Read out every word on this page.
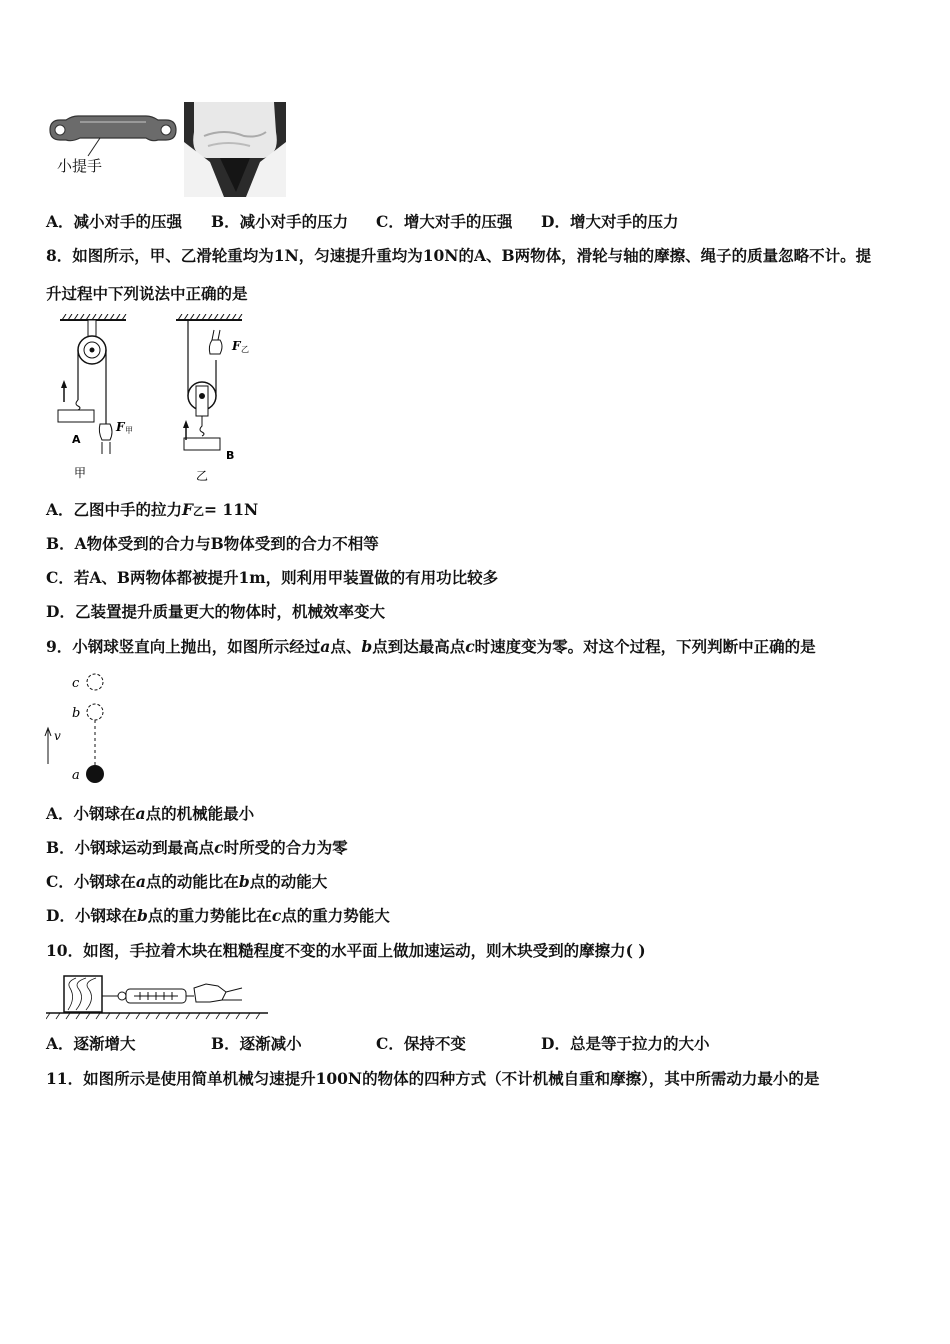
小提手
A．减小对手的压强 B．减小对手的压力 C．增大对手的压强 D．增大对手的压力
8．如图所示，甲、乙滑轮重均为1N，匀速提升重均为10N的A、B两物体，滑轮与轴的摩擦、绳子的质量忽略不计。提
升过程中下列说法中正确的是
A
甲
F 甲
B
乙
F 乙
A．乙图中手的拉力F乙= 11N
B．A物体受到的合力与B物体受到的合力不相等
C．若A、B两物体都被提升1m，则利用甲装置做的有用功比较多
D．乙装置提升质量更大的物体时，机械效率变大
9．小钢球竖直向上抛出，如图所示经过a点、b点到达最高点c时速度变为零。对这个过程，下列判断中正确的是
c
b
v
a
A．小钢球在a点的机械能最小
B．小钢球运动到最高点c时所受的合力为零
C．小钢球在a点的动能比在b点的动能大
D．小钢球在b点的重力势能比在c点的重力势能大
10．如图，手拉着木块在粗糙程度不变的水平面上做加速运动，则木块受到的摩擦力( )
A．逐渐增大	B．逐渐减小	C．保持不变	D．总是等于拉力的大小
11．如图所示是使用简单机械匀速提升100N的物体的四种方式（不计机械自重和摩擦），其中所需动力最小的是
